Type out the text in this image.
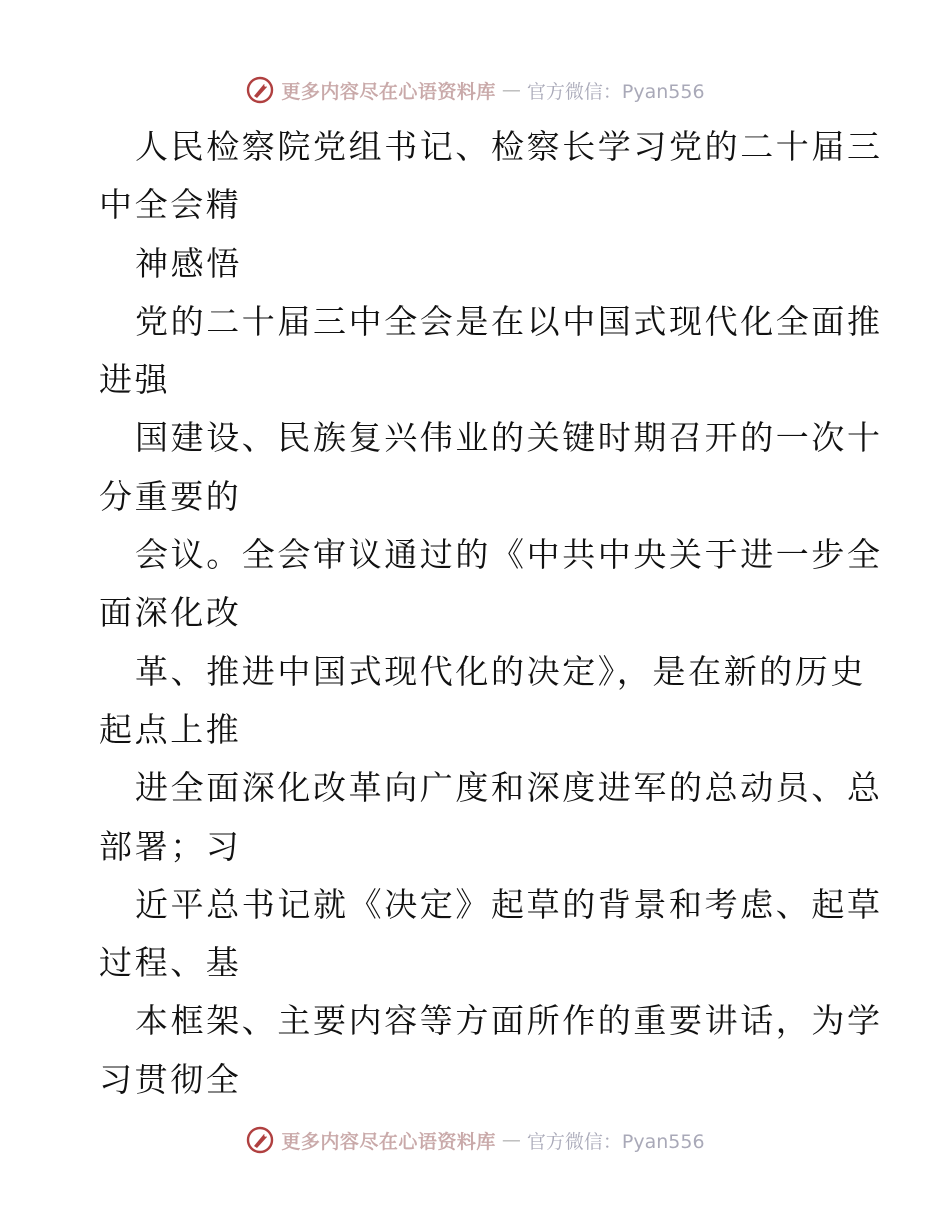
更多内容尽在心语资料库 — 官方微信：Pyan556
人民检察院党组书记、检察长学习党的二十届三
中全会精
神感悟
党的二十届三中全会是在以中国式现代化全面推
进强
国建设、民族复兴伟业的关键时期召开的一次十
分重要的
会议。全会审议通过的《中共中央关于进一步全
面深化改
革、推进中国式现代化的决定》，是在新的历史
起点上推
进全面深化改革向广度和深度进军的总动员、总
部署；习
近平总书记就《决定》起草的背景和考虑、起草
过程、基
本框架、主要内容等方面所作的重要讲话，为学
习贯彻全
更多内容尽在心语资料库 — 官方微信：Pyan556
